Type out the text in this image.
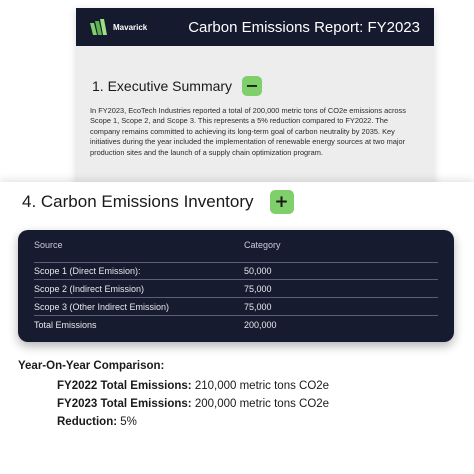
Mavarick	Carbon Emissions Report: FY2023
1. Executive Summary −

In FY2023, EcoTech Industries reported a total of 200,000 metric tons of CO2e emissions across Scope 1, Scope 2, and Scope 3. This represents a 5% reduction compared to FY2022. The company remains committed to achieving its long-term goal of carbon neutrality by 2035. Key initiatives during the year included the implementation of renewable energy sources at two major production sites and the launch of a supply chain optimization program.

4. Carbon Emissions Inventory +
Source	Category
Scope 1 (Direct Emission):	50,000
Scope 2 (Indirect Emission)	75,000
Scope 3 (Other Indirect Emission)	75,000
Total Emissions	200,000
Year-On-Year Comparison:
FY2022 Total Emissions: 210,000 metric tons CO2e
FY2023 Total Emissions: 200,000 metric tons CO2e
Reduction: 5%
